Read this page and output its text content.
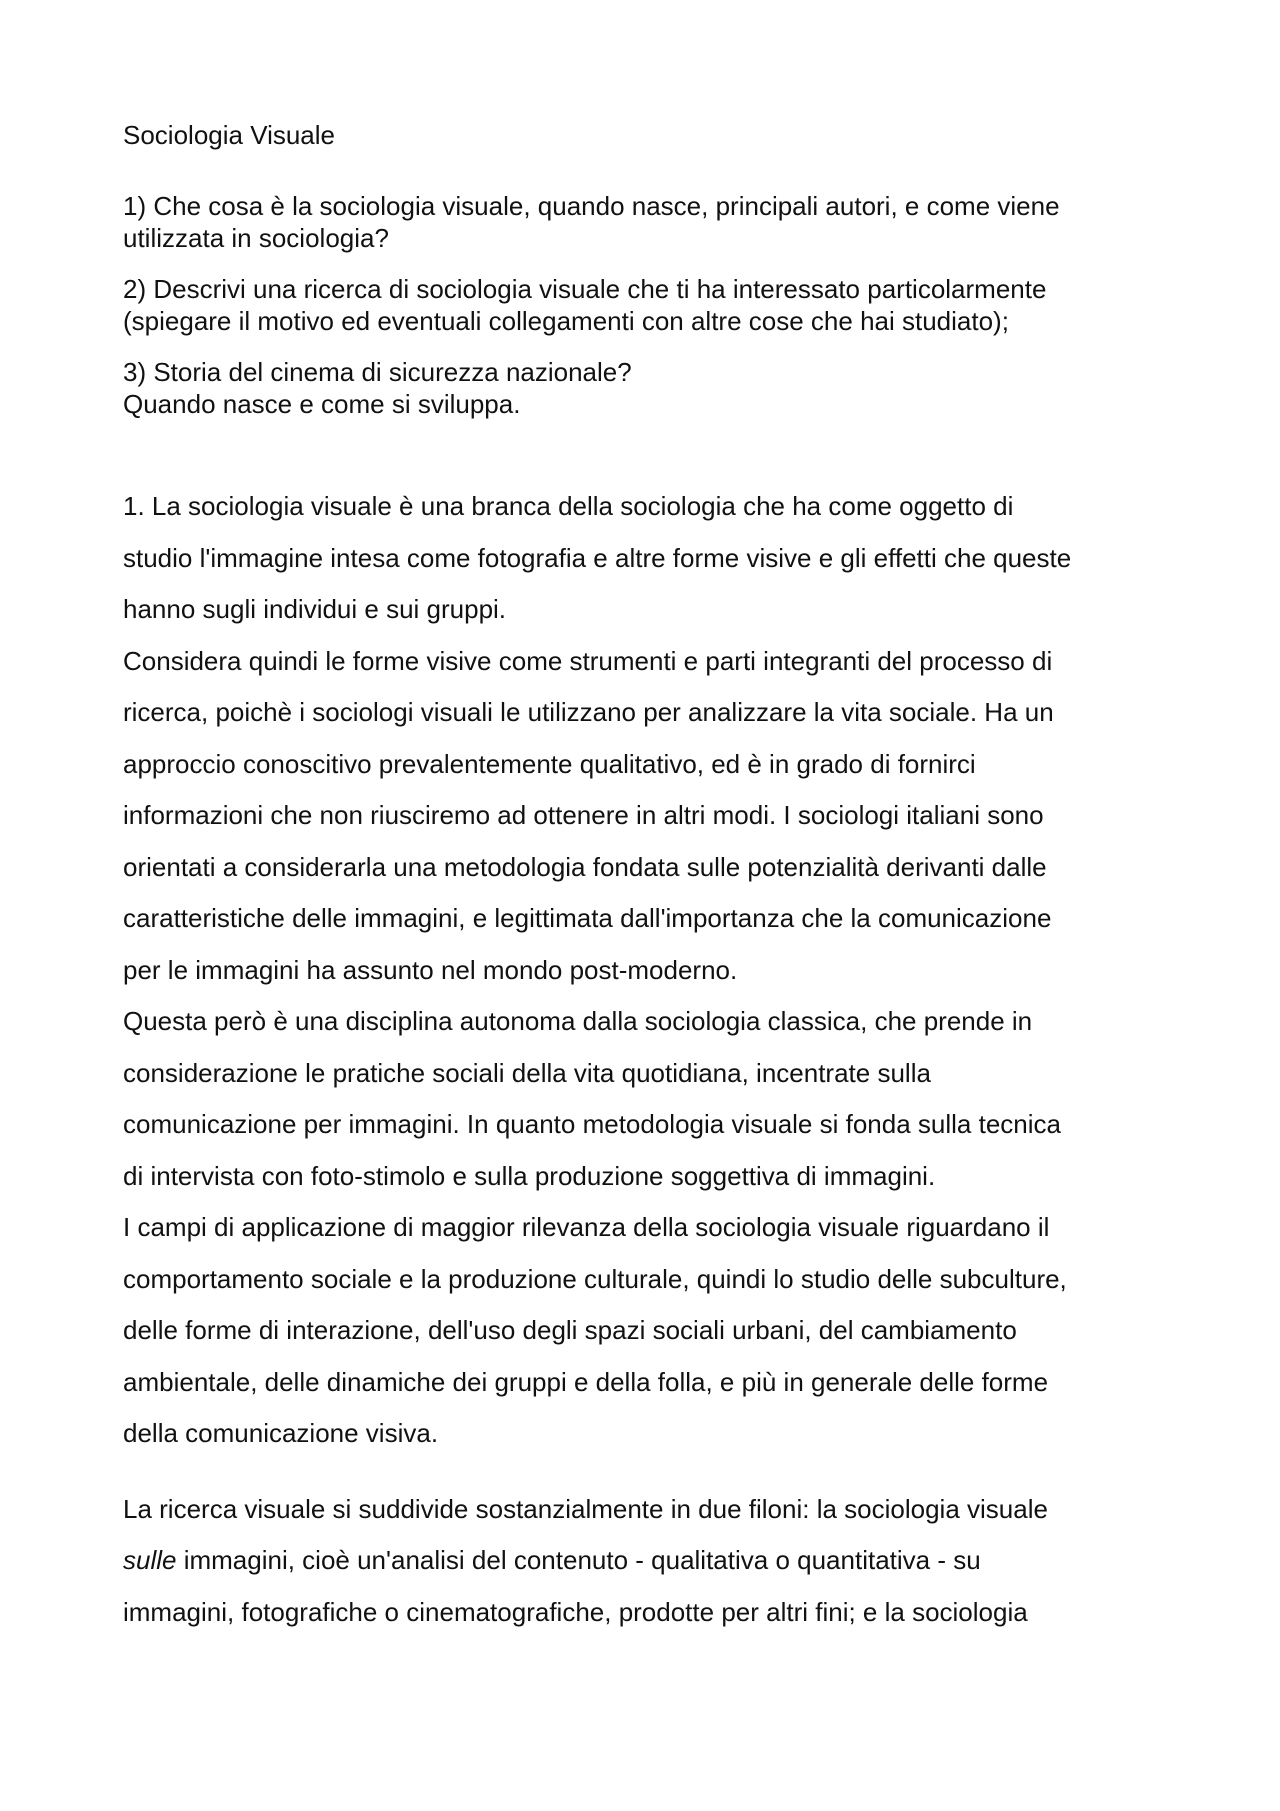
Sociologia Visuale
1) Che cosa è la sociologia visuale, quando nasce, principali autori, e come viene
utilizzata in sociologia?
2) Descrivi una ricerca di sociologia visuale che ti ha interessato particolarmente
(spiegare il motivo ed eventuali collegamenti con altre cose che hai studiato);
3) Storia del cinema di sicurezza nazionale?
Quando nasce e come si sviluppa.
1. La sociologia visuale è una branca della sociologia che ha come oggetto di
studio l'immagine intesa come fotografia e altre forme visive e gli effetti che queste
hanno sugli individui e sui gruppi.
Considera quindi le forme visive come strumenti e parti integranti del processo di
ricerca, poichè i sociologi visuali le utilizzano per analizzare la vita sociale. Ha un
approccio conoscitivo prevalentemente qualitativo, ed è in grado di fornirci
informazioni che non riusciremo ad ottenere in altri modi. I sociologi italiani sono
orientati a considerarla una metodologia fondata sulle potenzialità derivanti dalle
caratteristiche delle immagini, e legittimata dall'importanza che la comunicazione
per le immagini ha assunto nel mondo post-moderno.
Questa però è una disciplina autonoma dalla sociologia classica, che prende in
considerazione le pratiche sociali della vita quotidiana, incentrate sulla
comunicazione per immagini. In quanto metodologia visuale si fonda sulla tecnica
di intervista con foto-stimolo e sulla produzione soggettiva di immagini.
I campi di applicazione di maggior rilevanza della sociologia visuale riguardano il
comportamento sociale e la produzione culturale, quindi lo studio delle subculture,
delle forme di interazione, dell'uso degli spazi sociali urbani, del cambiamento
ambientale, delle dinamiche dei gruppi e della folla, e più in generale delle forme
della comunicazione visiva.
La ricerca visuale si suddivide sostanzialmente in due filoni: la sociologia visuale
sulle immagini, cioè un'analisi del contenuto - qualitativa o quantitativa - su
immagini, fotografiche o cinematografiche, prodotte per altri fini; e la sociologia
